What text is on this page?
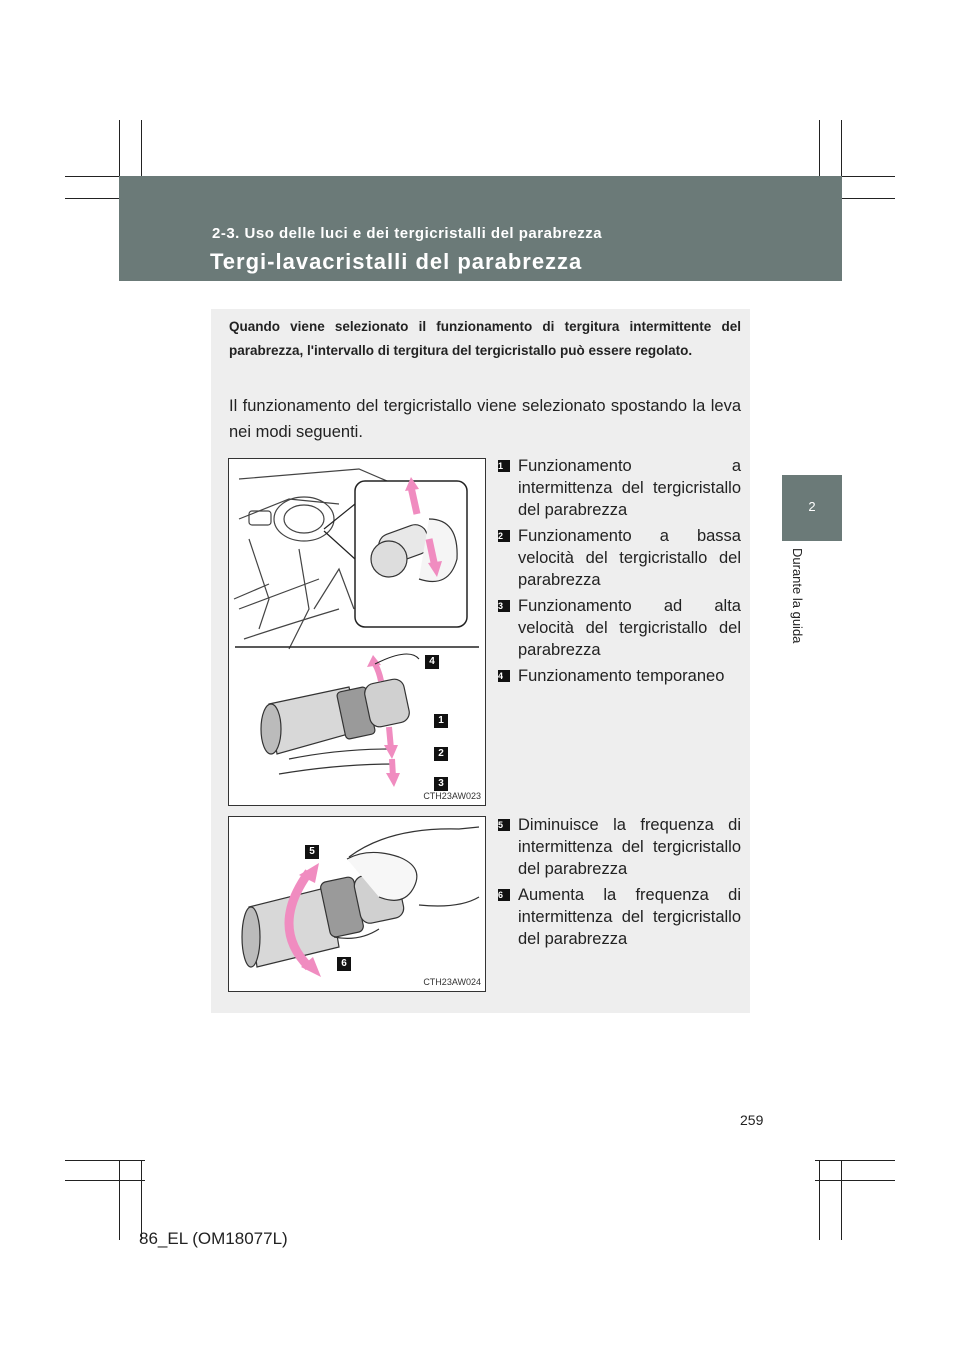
2-3. Uso delle luci e dei tergicristalli del parabrezza
Tergi-lavacristalli del parabrezza
2
Durante la guida

Quando viene selezionato il funzionamento di tergitura intermittente del parabrezza, l'intervallo di tergitura del tergicristallo può essere regolato.

Il funzionamento del tergicristallo viene selezionato spostando la leva nei modi seguenti.

4
1
2
3
CTH23AW023
1 Funzionamento a intermittenza del tergicristallo del parabrezza
2 Funzionamento a bassa velocità del tergicristallo del parabrezza
3 Funzionamento ad alta velocità del tergicristallo del parabrezza
4 Funzionamento temporaneo
5
6
CTH23AW024
5 Diminuisce la frequenza di intermittenza del tergicristallo del parabrezza
6 Aumenta la frequenza di intermittenza del tergicristallo del parabrezza
259
86_EL (OM18077L)
